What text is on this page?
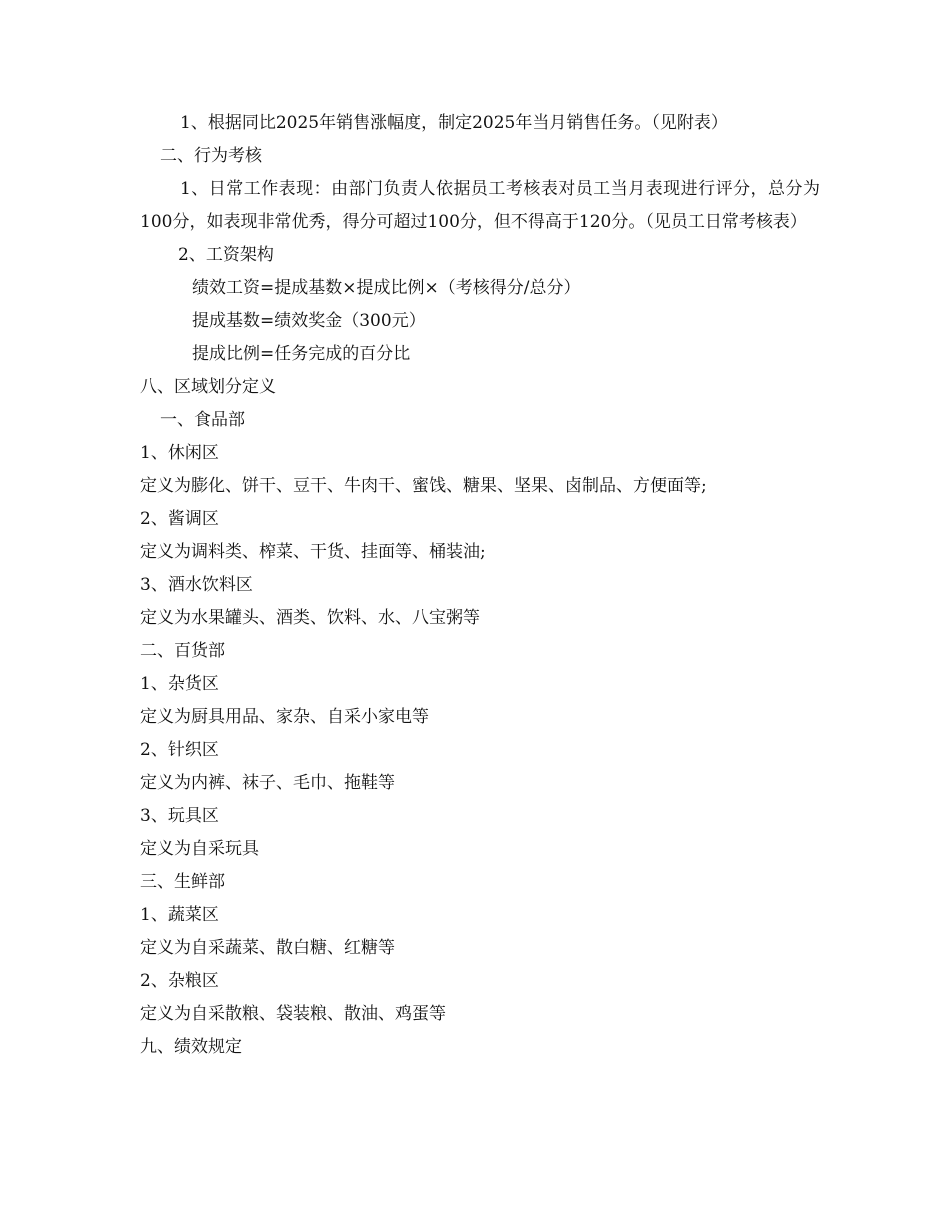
1、根据同比2025年销售涨幅度，制定2025年当月销售任务。（见附表）
二、行为考核
1、日常工作表现：由部门负责人依据员工考核表对员工当月表现进行评分，总分为100分，如表现非常优秀，得分可超过100分，但不得高于120分。（见员工日常考核表）
2、工资架构
绩效工资=提成基数×提成比例×（考核得分/总分）
提成基数=绩效奖金（300元）
提成比例=任务完成的百分比
八、区域划分定义
一、食品部
1、休闲区
定义为膨化、饼干、豆干、牛肉干、蜜饯、糖果、坚果、卤制品、方便面等;
2、酱调区
定义为调料类、榨菜、干货、挂面等、桶装油;
3、酒水饮料区
定义为水果罐头、酒类、饮料、水、八宝粥等
二、百货部
1、杂货区
定义为厨具用品、家杂、自采小家电等
2、针织区
定义为内裤、袜子、毛巾、拖鞋等
3、玩具区
定义为自采玩具
三、生鲜部
1、蔬菜区
定义为自采蔬菜、散白糖、红糖等
2、杂粮区
定义为自采散粮、袋装粮、散油、鸡蛋等
九、绩效规定
